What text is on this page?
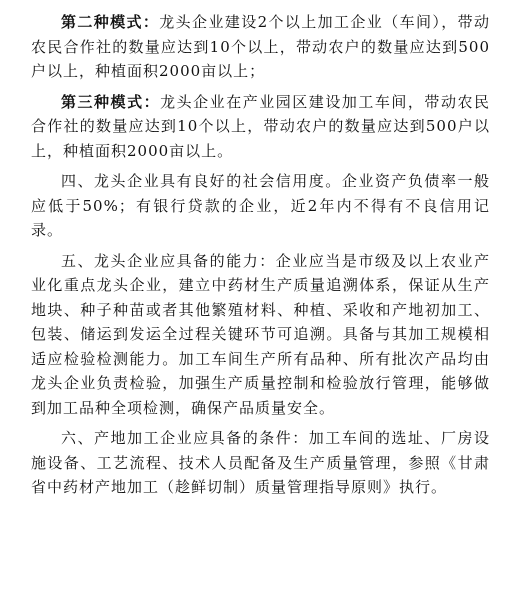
第二种模式：龙头企业建设2个以上加工企业（车间），带动农民合作社的数量应达到10个以上，带动农户的数量应达到500户以上，种植面积2000亩以上；

第三种模式：龙头企业在产业园区建设加工车间，带动农民合作社的数量应达到10个以上，带动农户的数量应达到500户以上，种植面积2000亩以上。

四、龙头企业具有良好的社会信用度。企业资产负债率一般应低于50%；有银行贷款的企业，近2年内不得有不良信用记录。

五、龙头企业应具备的能力：企业应当是市级及以上农业产业化重点龙头企业，建立中药材生产质量追溯体系，保证从生产地块、种子种苗或者其他繁殖材料、种植、采收和产地初加工、包装、储运到发运全过程关键环节可追溯。具备与其加工规模相适应检验检测能力。加工车间生产所有品种、所有批次产品均由龙头企业负责检验，加强生产质量控制和检验放行管理，能够做到加工品种全项检测，确保产品质量安全。

六、产地加工企业应具备的条件：加工车间的选址、厂房设施设备、工艺流程、技术人员配备及生产质量管理，参照《甘肃省中药材产地加工（趁鲜切制）质量管理指导原则》执行。
